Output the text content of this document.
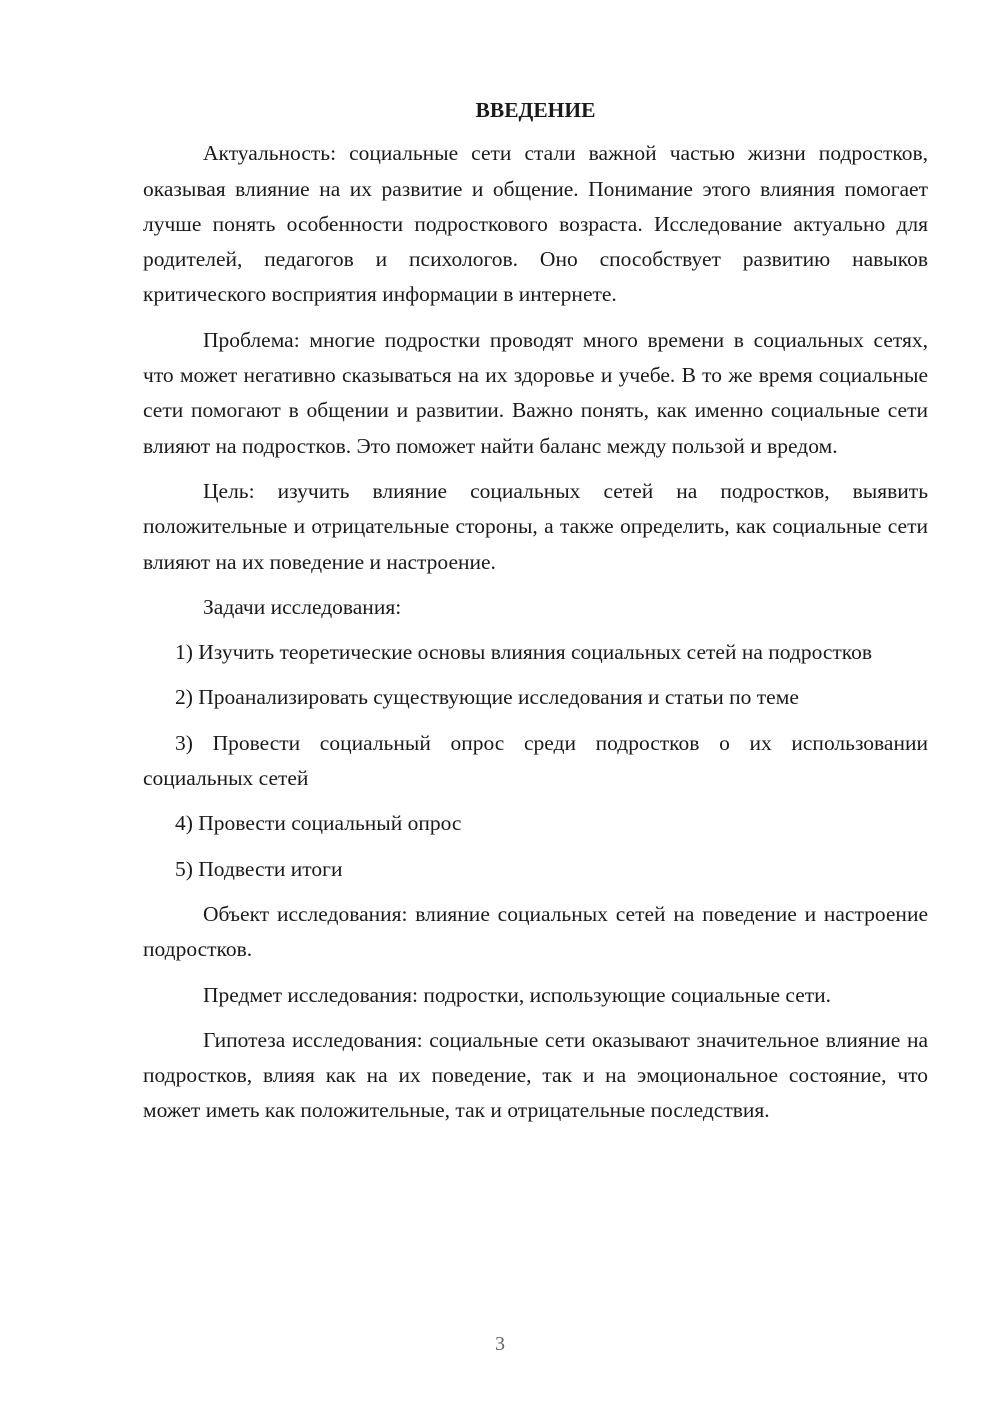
ВВЕДЕНИЕ

Актуальность: социальные сети стали важной частью жизни подростков, оказывая влияние на их развитие и общение. Понимание этого влияния помогает лучше понять особенности подросткового возраста. Исследование актуально для родителей, педагогов и психологов. Оно способствует развитию навыков критического восприятия информации в интернете.

Проблема: многие подростки проводят много времени в социальных сетях, что может негативно сказываться на их здоровье и учебе. В то же время социальные сети помогают в общении и развитии. Важно понять, как именно социальные сети влияют на подростков. Это поможет найти баланс между пользой и вредом.

Цель: изучить влияние социальных сетей на подростков, выявить положительные и отрицательные стороны, а также определить, как социальные сети влияют на их поведение и настроение.

Задачи исследования:

1) Изучить теоретические основы влияния социальных сетей на подростков

2) Проанализировать существующие исследования и статьи по теме

3) Провести социальный опрос среди подростков о их использовании социальных сетей

4) Провести социальный опрос

5) Подвести итоги

Объект исследования: влияние социальных сетей на поведение и настроение подростков.

Предмет исследования: подростки, использующие социальные сети.

Гипотеза исследования: социальные сети оказывают значительное влияние на подростков, влияя как на их поведение, так и на эмоциональное состояние, что может иметь как положительные, так и отрицательные последствия.

3
